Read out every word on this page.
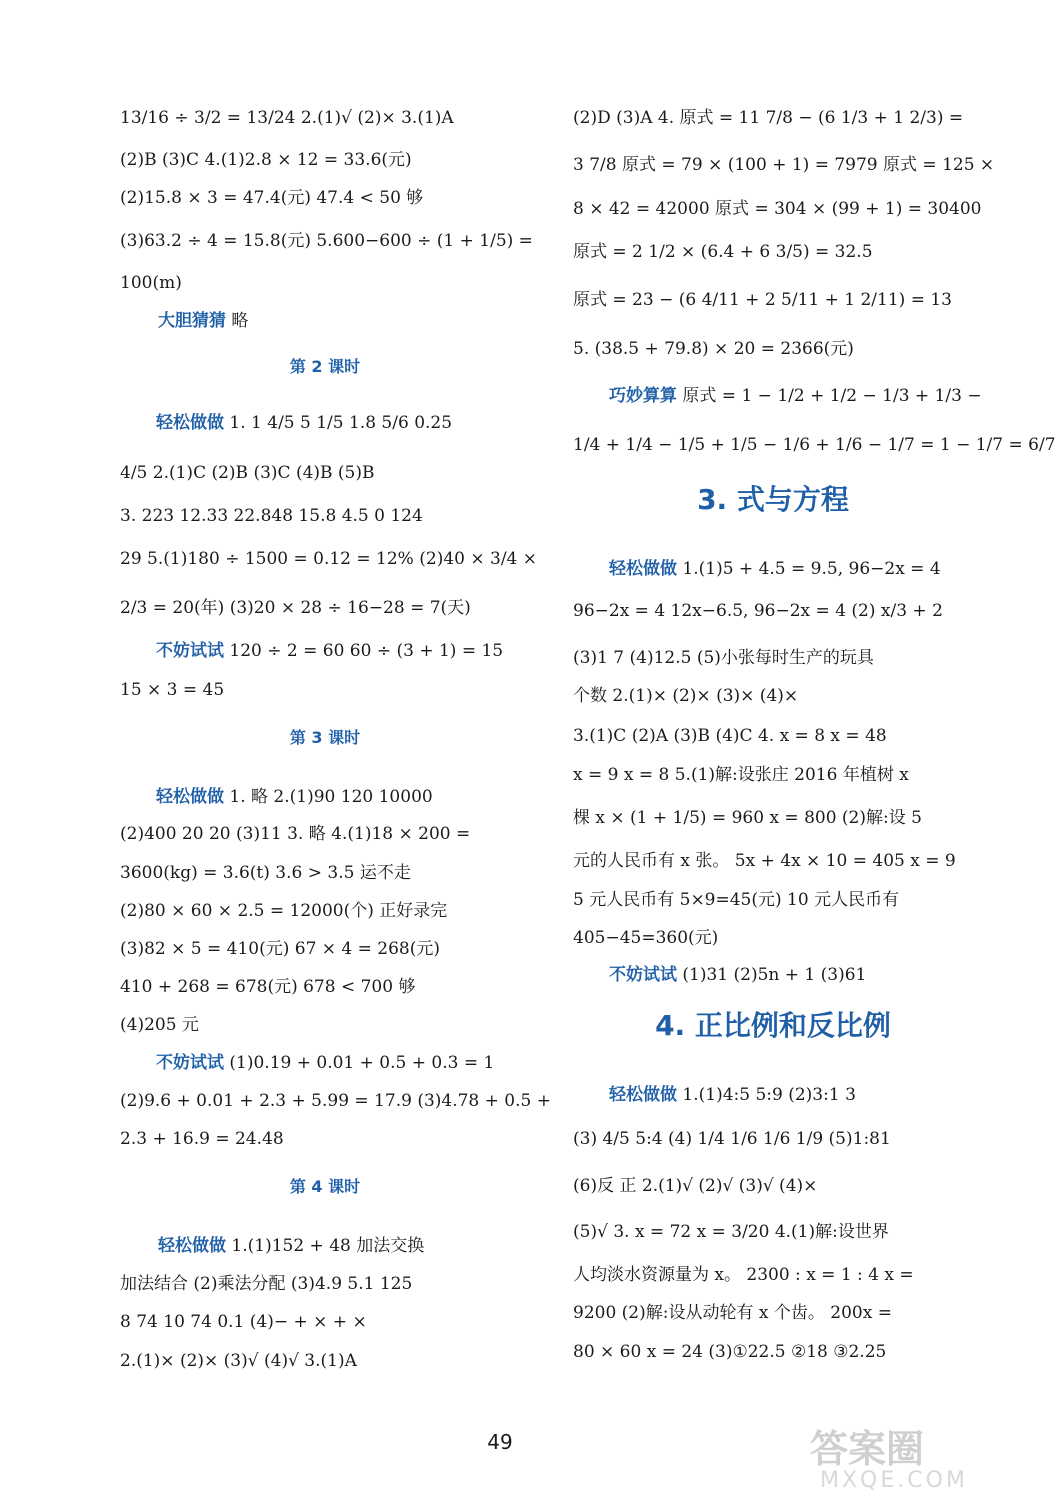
13/16 ÷ 3/2 = 13/24 2.(1)√ (2)× 3.(1)A
(2)B (3)C 4.(1)2.8 × 12 = 33.6(元)
(2)15.8 × 3 = 47.4(元) 47.4 < 50 够
(3)63.2 ÷ 4 = 15.8(元) 5.600−600 ÷ (1 + 1/5) =
100(m)
大胆猜猜 略
第 2 课时
轻松做做 1. 1 4/5 5 1/5 1.8 5/6 0.25
4/5 2.(1)C (2)B (3)C (4)B (5)B
3. 223 12.33 22.848 15.8 4.5 0 124
29 5.(1)180 ÷ 1500 = 0.12 = 12% (2)40 × 3/4 ×
2/3 = 20(年) (3)20 × 28 ÷ 16−28 = 7(天)
不妨试试 120 ÷ 2 = 60 60 ÷ (3 + 1) = 15
15 × 3 = 45
第 3 课时
轻松做做 1. 略 2.(1)90 120 10000
(2)400 20 20 (3)11 3. 略 4.(1)18 × 200 =
3600(kg) = 3.6(t) 3.6 > 3.5 运不走
(2)80 × 60 × 2.5 = 12000(个) 正好录完
(3)82 × 5 = 410(元) 67 × 4 = 268(元)
410 + 268 = 678(元) 678 < 700 够
(4)205 元
不妨试试 (1)0.19 + 0.01 + 0.5 + 0.3 = 1
(2)9.6 + 0.01 + 2.3 + 5.99 = 17.9 (3)4.78 + 0.5 +
2.3 + 16.9 = 24.48
第 4 课时
轻松做做 1.(1)152 + 48 加法交换
加法结合 (2)乘法分配 (3)4.9 5.1 125
8 74 10 74 0.1 (4)− + × + ×
2.(1)× (2)× (3)√ (4)√ 3.(1)A
(2)D (3)A 4. 原式 = 11 7/8 − (6 1/3 + 1 2/3) =
3 7/8 原式 = 79 × (100 + 1) = 7979 原式 = 125 ×
8 × 42 = 42000 原式 = 304 × (99 + 1) = 30400
原式 = 2 1/2 × (6.4 + 6 3/5) = 32.5
原式 = 23 − (6 4/11 + 2 5/11 + 1 2/11) = 13
5. (38.5 + 79.8) × 20 = 2366(元)
巧妙算算 原式 = 1 − 1/2 + 1/2 − 1/3 + 1/3 −
1/4 + 1/4 − 1/5 + 1/5 − 1/6 + 1/6 − 1/7 = 1 − 1/7 = 6/7
3. 式与方程
轻松做做 1.(1)5 + 4.5 = 9.5, 96−2x = 4
96−2x = 4 12x−6.5, 96−2x = 4 (2) x/3 + 2
(3)1 7 (4)12.5 (5)小张每时生产的玩具
个数 2.(1)× (2)× (3)× (4)×
3.(1)C (2)A (3)B (4)C 4. x = 8 x = 48
x = 9 x = 8 5.(1)解:设张庄 2016 年植树 x
棵 x × (1 + 1/5) = 960 x = 800 (2)解:设 5
元的人民币有 x 张。 5x + 4x × 10 = 405 x = 9
5 元人民币有 5×9=45(元) 10 元人民币有
405−45=360(元)
不妨试试 (1)31 (2)5n + 1 (3)61
4. 正比例和反比例
轻松做做 1.(1)4:5 5:9 (2)3:1 3
(3) 4/5 5:4 (4) 1/4 1/6 1/6 1/9 (5)1:81
(6)反 正 2.(1)√ (2)√ (3)√ (4)×
(5)√ 3. x = 72 x = 3/20 4.(1)解:设世界
人均淡水资源量为 x。 2300 : x = 1 : 4 x =
9200 (2)解:设从动轮有 x 个齿。 200x =
80 × 60 x = 24 (3)①22.5 ②18 ③2.25
49	答案圈
MXQE.COM
